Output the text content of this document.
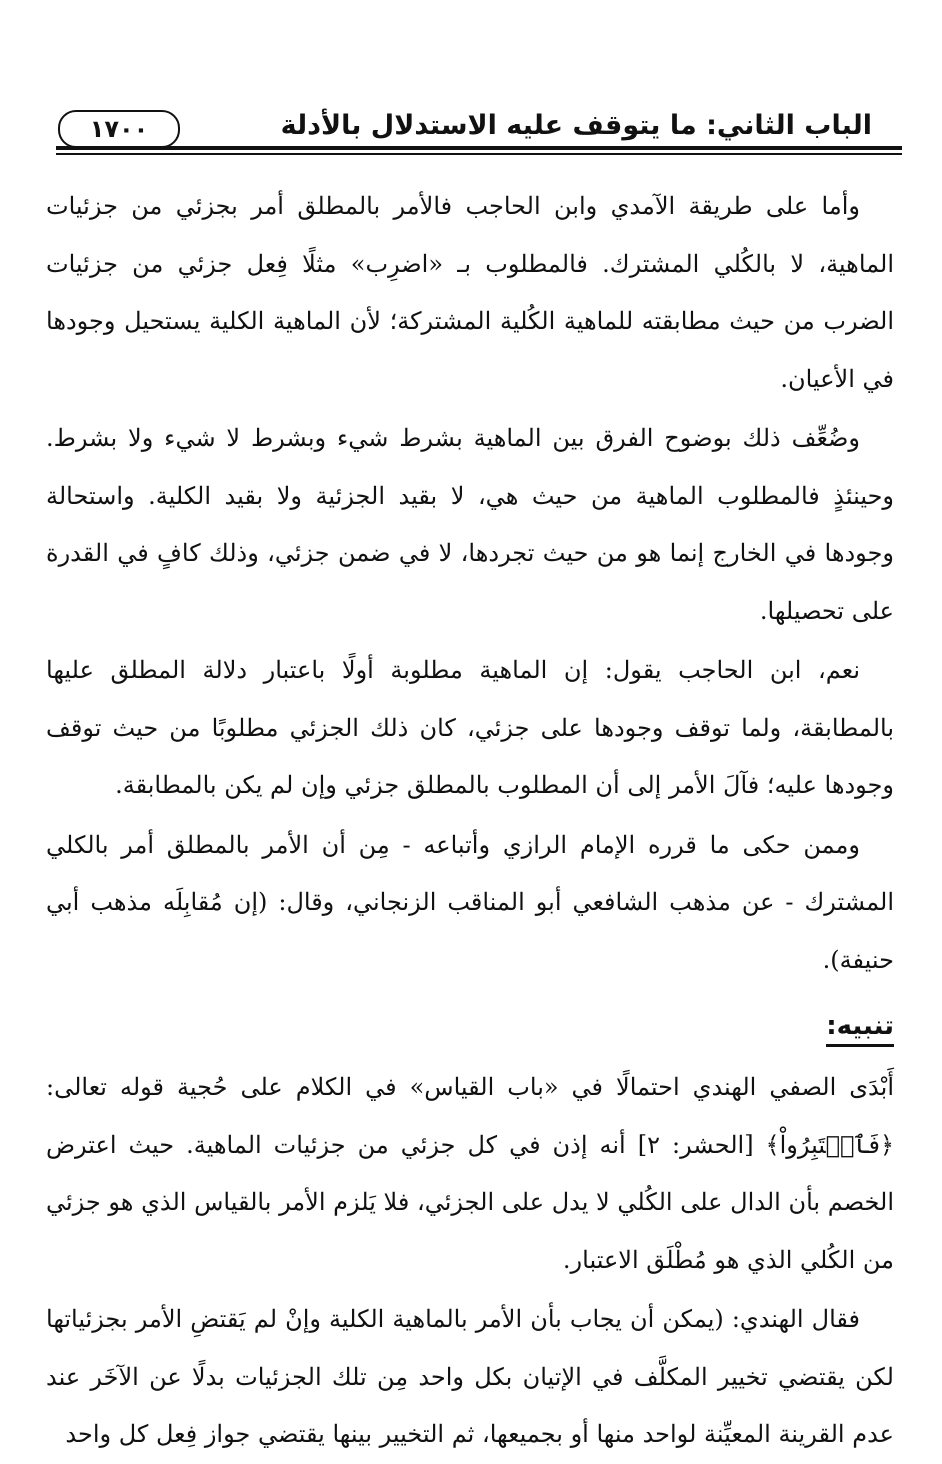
١٧٠٠	الباب الثاني: ما يتوقف عليه الاستدلال بالأدلة

وأما على طريقة الآمدي وابن الحاجب فالأمر بالمطلق أمر بجزئي من جزئيات الماهية، لا بالكُلي المشترك. فالمطلوب بـ «اضرِب» مثلًا فِعل جزئي من جزئيات الضرب من حيث مطابقته للماهية الكُلية المشتركة؛ لأن الماهية الكلية يستحيل وجودها في الأعيان.

وضُعِّف ذلك بوضوح الفرق بين الماهية بشرط شيء وبشرط لا شيء ولا بشرط. وحينئذٍ فالمطلوب الماهية من حيث هي، لا بقيد الجزئية ولا بقيد الكلية. واستحالة وجودها في الخارج إنما هو من حيث تجردها، لا في ضمن جزئي، وذلك كافٍ في القدرة على تحصيلها.

نعم، ابن الحاجب يقول: إن الماهية مطلوبة أولًا باعتبار دلالة المطلق عليها بالمطابقة، ولما توقف وجودها على جزئي، كان ذلك الجزئي مطلوبًا من حيث توقف وجودها عليه؛ فآلَ الأمر إلى أن المطلوب بالمطلق جزئي وإن لم يكن بالمطابقة.

وممن حكى ما قرره الإمام الرازي وأتباعه - مِن أن الأمر بالمطلق أمر بالكلي المشترك - عن مذهب الشافعي أبو المناقب الزنجاني، وقال: (إن مُقابِلَه مذهب أبي حنيفة).

تنبيه:

أَبْدَى الصفي الهندي احتمالًا في «باب القياس» في الكلام على حُجية قوله تعالى: ﴿فَٱعۡتَبِرُواْ﴾ [الحشر: ٢] أنه إذن في كل جزئي من جزئيات الماهية. حيث اعترض الخصم بأن الدال على الكُلي لا يدل على الجزئي، فلا يَلزم الأمر بالقياس الذي هو جزئي من الكُلي الذي هو مُطْلَق الاعتبار.

فقال الهندي: (يمكن أن يجاب بأن الأمر بالماهية الكلية وإنْ لم يَقتضِ الأمر بجزئياتها لكن يقتضي تخيير المكلَّف في الإتيان بكل واحد مِن تلك الجزئيات بدلًا عن الآخَر عند عدم القرينة المعيِّنة لواحد منها أو بجميعها، ثم التخيير بينها يقتضي جواز فِعل كل واحد
